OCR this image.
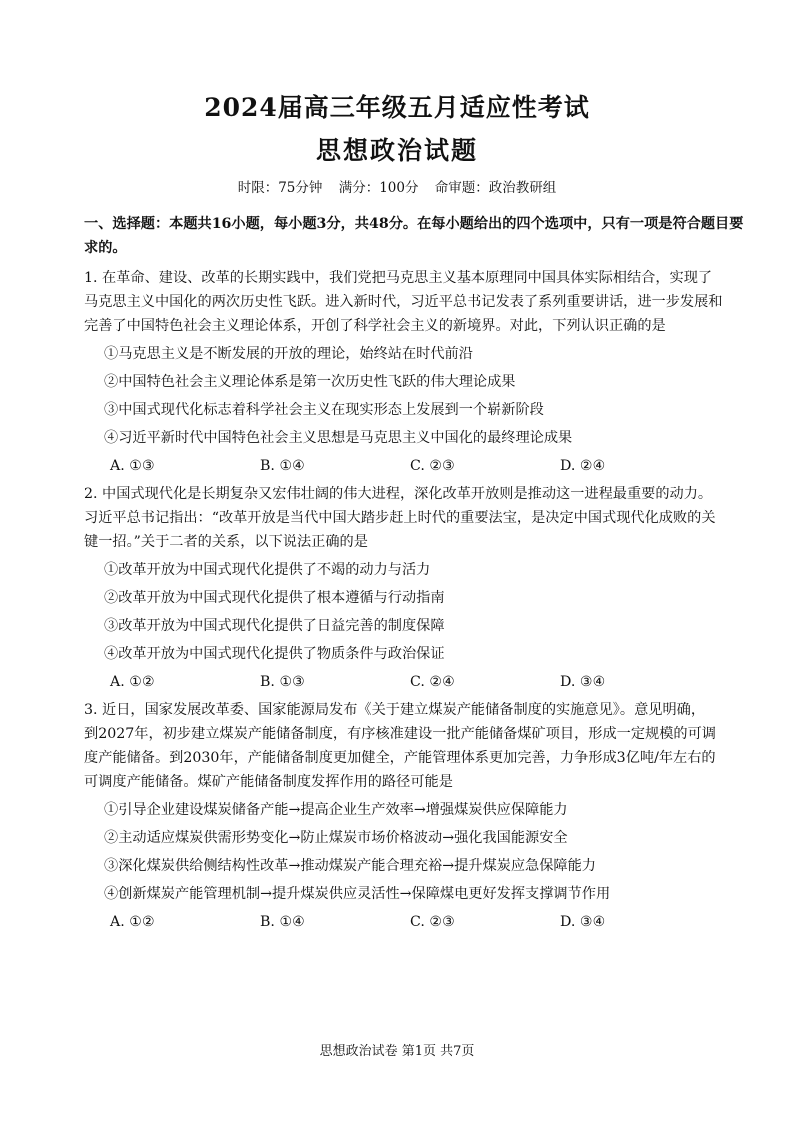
2024届高三年级五月适应性考试
思想政治试题
时限：75分钟 满分：100分 命审题：政治教研组
一、选择题：本题共16小题，每小题3分，共48分。在每小题给出的四个选项中，只有一项是符合题目要求的。
1. 在革命、建设、改革的长期实践中，我们党把马克思主义基本原理同中国具体实际相结合，实现了
马克思主义中国化的两次历史性飞跃。进入新时代，习近平总书记发表了系列重要讲话，进一步发展和
完善了中国特色社会主义理论体系，开创了科学社会主义的新境界。对此，下列认识正确的是
①马克思主义是不断发展的开放的理论，始终站在时代前沿
②中国特色社会主义理论体系是第一次历史性飞跃的伟大理论成果
③中国式现代化标志着科学社会主义在现实形态上发展到一个崭新阶段
④习近平新时代中国特色社会主义思想是马克思主义中国化的最终理论成果
A. ①③	B. ①④	C. ②③	D. ②④
2. 中国式现代化是长期复杂又宏伟壮阔的伟大进程，深化改革开放则是推动这一进程最重要的动力。
习近平总书记指出：“改革开放是当代中国大踏步赶上时代的重要法宝，是决定中国式现代化成败的关
键一招。”关于二者的关系，以下说法正确的是
①改革开放为中国式现代化提供了不竭的动力与活力
②改革开放为中国式现代化提供了根本遵循与行动指南
③改革开放为中国式现代化提供了日益完善的制度保障
④改革开放为中国式现代化提供了物质条件与政治保证
A. ①②	B. ①③	C. ②④	D. ③④
3. 近日，国家发展改革委、国家能源局发布《关于建立煤炭产能储备制度的实施意见》。意见明确，
到2027年，初步建立煤炭产能储备制度，有序核准建设一批产能储备煤矿项目，形成一定规模的可调
度产能储备。到2030年，产能储备制度更加健全，产能管理体系更加完善，力争形成3亿吨/年左右的
可调度产能储备。煤矿产能储备制度发挥作用的路径可能是
①引导企业建设煤炭储备产能→提高企业生产效率→增强煤炭供应保障能力
②主动适应煤炭供需形势变化→防止煤炭市场价格波动→强化我国能源安全
③深化煤炭供给侧结构性改革→推动煤炭产能合理充裕→提升煤炭应急保障能力
④创新煤炭产能管理机制→提升煤炭供应灵活性→保障煤电更好发挥支撑调节作用
A. ①②	B. ①④	C. ②③	D. ③④
思想政治试卷 第1页 共7页
